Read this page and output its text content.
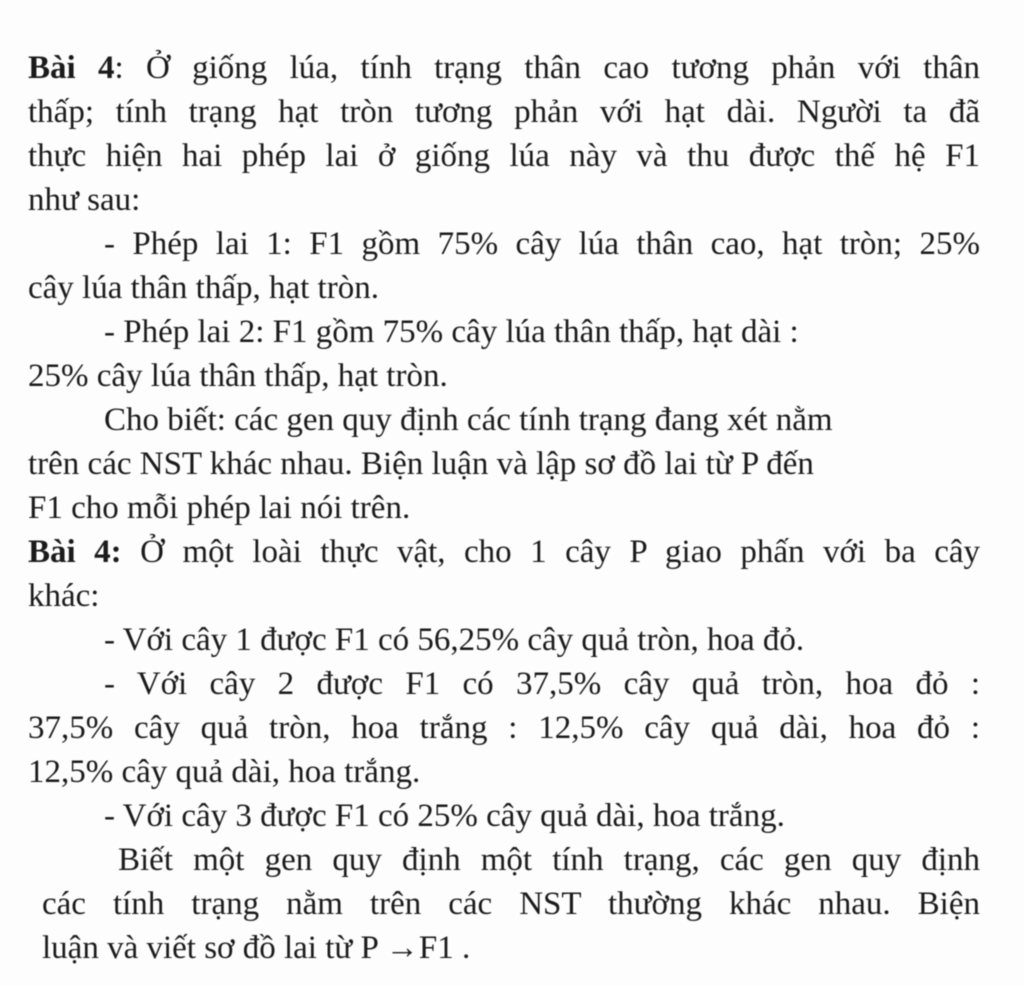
Bài 4: Ở giống lúa, tính trạng thân cao tương phản với thân
thấp; tính trạng hạt tròn tương phản với hạt dài. Người ta đã
thực hiện hai phép lai ở giống lúa này và thu được thế hệ F1
như sau:
- Phép lai 1: F1 gồm 75% cây lúa thân cao, hạt tròn; 25%
cây lúa thân thấp, hạt tròn.
- Phép lai 2: F1 gồm 75% cây lúa thân thấp, hạt dài :
25% cây lúa thân thấp, hạt tròn.
Cho biết: các gen quy định các tính trạng đang xét nằm
trên các NST khác nhau. Biện luận và lập sơ đồ lai từ P đến
F1 cho mỗi phép lai nói trên.
Bài 4: Ở một loài thực vật, cho 1 cây P giao phấn với ba cây
khác:
- Với cây 1 được F1 có 56,25% cây quả tròn, hoa đỏ.
- Với cây 2 được F1 có 37,5% cây quả tròn, hoa đỏ :
37,5% cây quả tròn, hoa trắng : 12,5% cây quả dài, hoa đỏ :
12,5% cây quả dài, hoa trắng.
- Với cây 3 được F1 có 25% cây quả dài, hoa trắng.
Biết một gen quy định một tính trạng, các gen quy định
các tính trạng nằm trên các NST thường khác nhau. Biện
luận và viết sơ đồ lai từ P →F1 .
